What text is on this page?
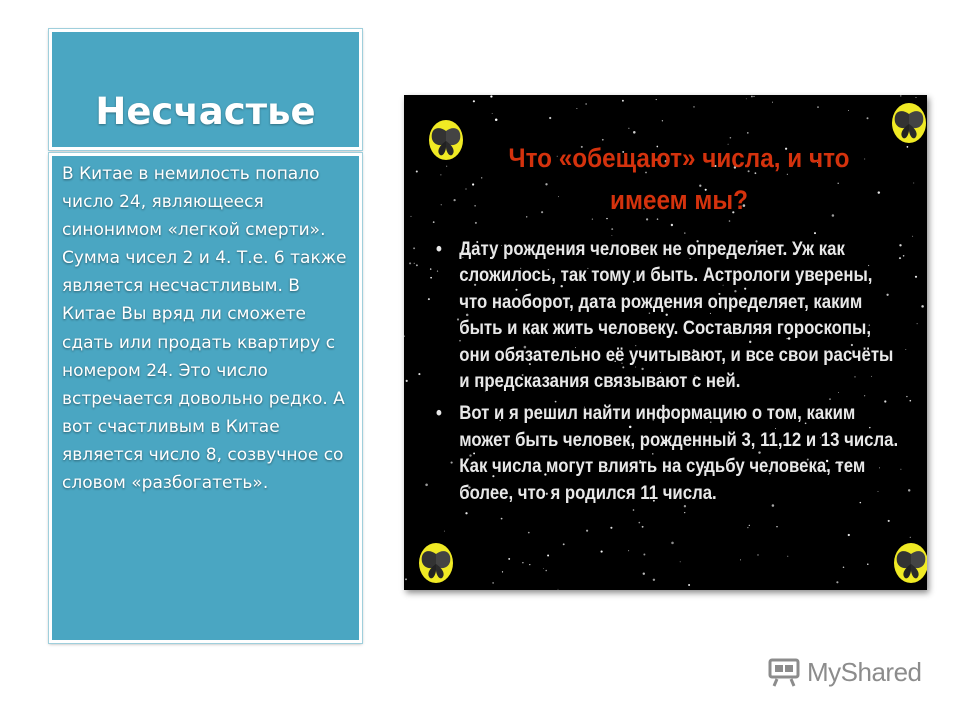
Несчастье

В Китае в немилость попало число 24, являющееся синонимом «легкой смерти». Сумма чисел 2 и 4. Т.е. 6 также является несчастливым. В Китае Вы вряд ли сможете сдать или продать квартиру с номером 24. Это число встречается довольно редко. А вот счастливым в Китае является число 8, созвучное со словом «разбогатеть».

Что «обещают» числа, и что имеем мы?
• Дату рождения человек не определяет. Уж как сложилось, так тому и быть. Астрологи уверены, что наоборот, дата рождения определяет, каким быть и как жить человеку. Составляя гороскопы, они обязательно её учитывают, и все свои расчёты и предсказания связывают с ней.
• Вот и я решил найти информацию о том, каким может быть человек, рожденный 3, 11,12 и 13 числа. Как числа могут влиять на судьбу человека, тем более, что я родился 11 числа.
MyShared
